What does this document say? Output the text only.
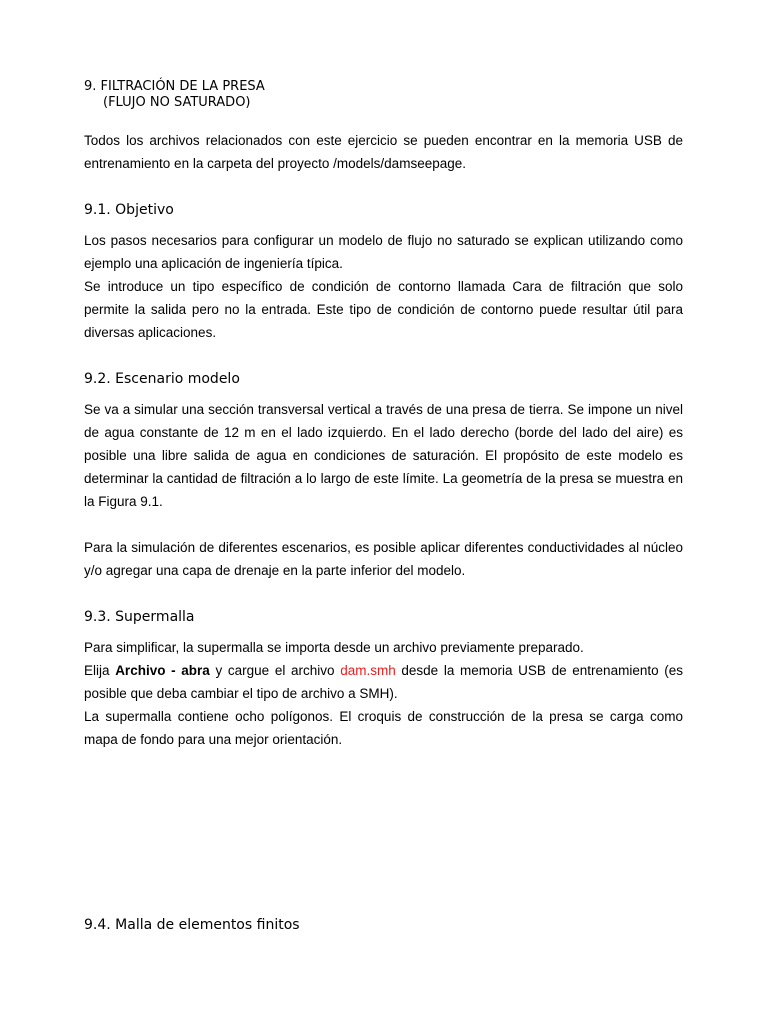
9. FILTRACIÓN DE LA PRESA
(FLUJO NO SATURADO)

Todos los archivos relacionados con este ejercicio se pueden encontrar en la memoria USB de entrenamiento en la carpeta del proyecto /models/damseepage.

9.1. Objetivo

Los pasos necesarios para configurar un modelo de flujo no saturado se explican utilizando como ejemplo una aplicación de ingeniería típica.

Se introduce un tipo específico de condición de contorno llamada Cara de filtración que solo permite la salida pero no la entrada. Este tipo de condición de contorno puede resultar útil para diversas aplicaciones.

9.2. Escenario modelo

Se va a simular una sección transversal vertical a través de una presa de tierra. Se impone un nivel de agua constante de 12 m en el lado izquierdo. En el lado derecho (borde del lado del aire) es posible una libre salida de agua en condiciones de saturación. El propósito de este modelo es determinar la cantidad de filtración a lo largo de este límite. La geometría de la presa se muestra en la Figura 9.1.

Para la simulación de diferentes escenarios, es posible aplicar diferentes conductividades al núcleo y/o agregar una capa de drenaje en la parte inferior del modelo.

9.3. Supermalla

Para simplificar, la supermalla se importa desde un archivo previamente preparado.

Elija Archivo - abra y cargue el archivo dam.smh desde la memoria USB de entrenamiento (es posible que deba cambiar el tipo de archivo a SMH).

La supermalla contiene ocho polígonos. El croquis de construcción de la presa se carga como mapa de fondo para una mejor orientación.

9.4. Malla de elementos finitos
